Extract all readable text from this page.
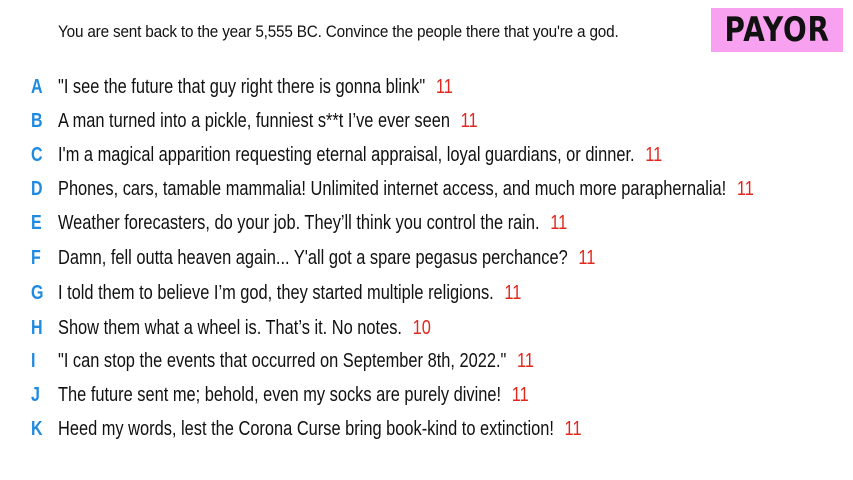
You are sent back to the year 5,555 BC. Convince the people there that you're a god.	PAYOR
A "I see the future that guy right there is gonna blink" 11
B A man turned into a pickle, funniest s**t I’ve ever seen 11
C I'm a magical apparition requesting eternal appraisal, loyal guardians, or dinner. 11
D Phones, cars, tamable mammalia! Unlimited internet access, and much more paraphernalia! 11
E Weather forecasters, do your job. They’ll think you control the rain. 11
F Damn, fell outta heaven again... Y'all got a spare pegasus perchance? 11
G I told them to believe I’m god, they started multiple religions. 11
H Show them what a wheel is. That’s it. No notes. 10
I	"I can stop the events that occurred on September 8th, 2022." 11
J The future sent me; behold, even my socks are purely divine! 11
K Heed my words, lest the Corona Curse bring book-kind to extinction! 11
